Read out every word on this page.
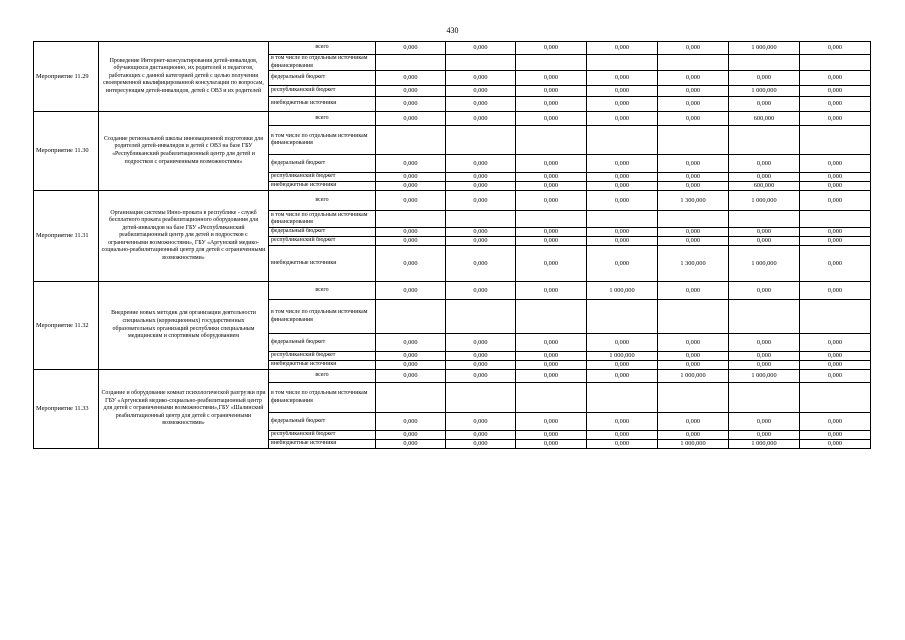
430
Мероприятие 11.29	Проведение Интернет-консультирования детей-инвалидов, обучающихся дистанционно, их родителей и педагогов, работающих с данной категорией детей с целью получения своевременной квалифицированной консультации по вопросам, интересующим детей-инвалидов, детей с ОВЗ и их родителей	всего	0,000	0,000	0,000	0,000	0,000	1 000,000	0,000
		в том числе по отдельным источникам финансирования							
		федеральный бюджет	0,000	0,000	0,000	0,000	0,000	0,000	0,000
		республиканский бюджет	0,000	0,000	0,000	0,000	0,000	1 000,000	0,000
		внебюджетные источники	0,000	0,000	0,000	0,000	0,000	0,000	0,000
Мероприятие 11.30	Создание региональной школы инновационной подготовки для родителей детей-инвалидов и детей с ОВЗ на базе ГБУ «Республиканский реабилитационный центр для детей и подростков с ограниченными возможностями»	всего	0,000	0,000	0,000	0,000	0,000	600,000	0,000
		в том числе по отдельным источникам финансирования							
		федеральный бюджет	0,000	0,000	0,000	0,000	0,000	0,000	0,000
		республиканский бюджет	0,000	0,000	0,000	0,000	0,000	0,000	0,000
		внебюджетные источники	0,000	0,000	0,000	0,000	0,000	600,000	0,000
Мероприятие 11.31	Организация системы Инно-проката в республике - служб бесплатного проката реабилитационного оборудования для детей-инвалидов на базе ГБУ «Республиканский реабилитационный центр для детей и подростков с ограниченными возможностями», ГБУ «Аргунский медико-социально-реабилитационный центр для детей с ограниченными возможностями»	всего	0,000	0,000	0,000	0,000	1 300,000	1 000,000	0,000
		в том числе по отдельным источникам финансирования							
		федеральный бюджет	0,000	0,000	0,000	0,000	0,000	0,000	0,000
		республиканский бюджет	0,000	0,000	0,000	0,000	0,000	0,000	0,000
		внебюджетные источники	0,000	0,000	0,000	0,000	1 300,000	1 000,000	0,000
Мероприятие 11.32	Внедрение новых методик для организации деятельности специальных (коррекционных) государственных образовательных организаций республики специальным медицинским и спортивным оборудованием	всего	0,000	0,000	0,000	1 000,000	0,000	0,000	0,000
		в том числе по отдельным источникам финансирования							
		федеральный бюджет	0,000	0,000	0,000	0,000	0,000	0,000	0,000
		республиканский бюджет	0,000	0,000	0,000	1 000,000	0,000	0,000	0,000
		внебюджетные источники	0,000	0,000	0,000	0,000	0,000	0,000	0,000
Мероприятие 11.33	Создание и оборудование комнат психологической разгрузки при ГБУ «Аргунский медико-социально-реабилитационный центр для детей с ограниченными возможностями»,ГБУ «Шалинский реабилитационный центр для детей с ограниченными возможностями»	всего	0,000	0,000	0,000	0,000	1 000,000	1 000,000	0,000
		в том числе по отдельным источникам финансирования							
		федеральный бюджет	0,000	0,000	0,000	0,000	0,000	0,000	0,000
		республиканский бюджет	0,000	0,000	0,000	0,000	0,000	0,000	0,000
		внебюджетные источники	0,000	0,000	0,000	0,000	1 000,000	1 000,000	0,000
